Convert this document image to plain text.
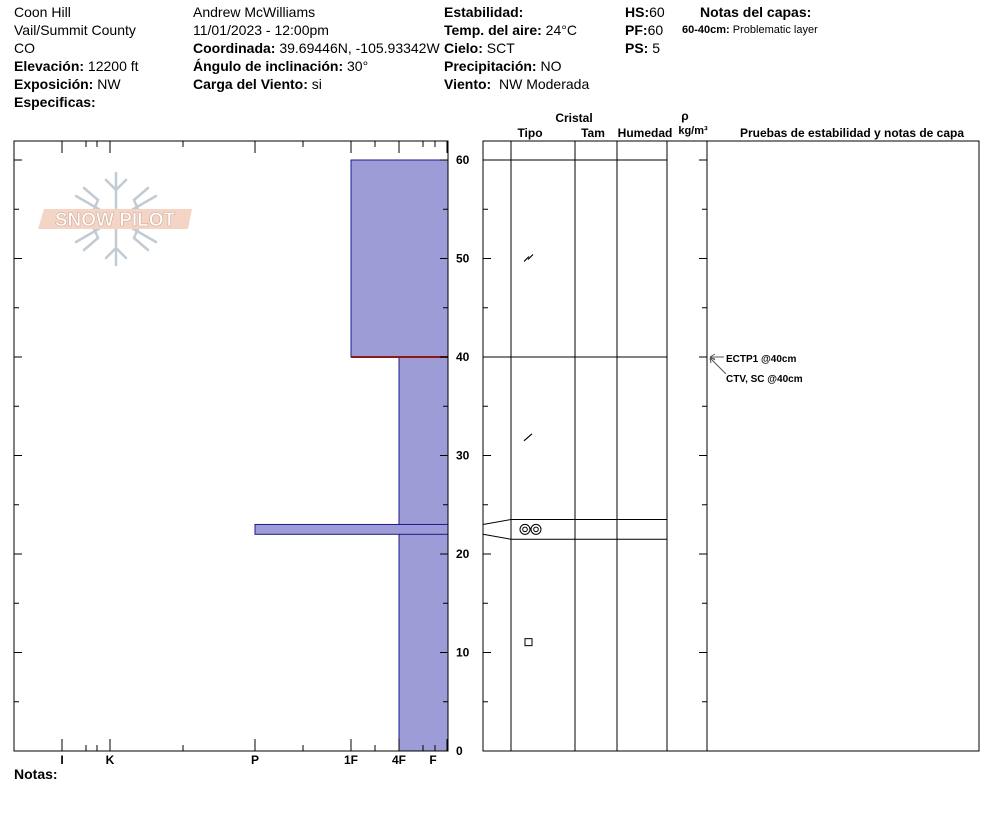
Coon Hill
Vail/Summit County
CO
Elevación: 12200 ft
Exposición: NW
Especificas:
Andrew McWilliams
11/01/2023 - 12:00pm
Coordinada: 39.69446N, -105.93342W
Ángulo de inclinación: 30°
Carga del Viento: si
Estabilidad:
Temp. del aire: 24°C
Cielo: SCT
Precipitación: NO
Viento: NW Moderada
HS:60
PF:60
PS: 5
Notas del capas:
60-40cm: Problematic layer
Notas:
SNOW PILOT
I	K	P	1F	4F F
0
10
20
30
40
50
60
ECTP1 @40cm
CTV, SC @40cm
Cristal
Tipo	Tam Humedad
ρ
kg/m³	Pruebas de estabilidad y notas de capa
